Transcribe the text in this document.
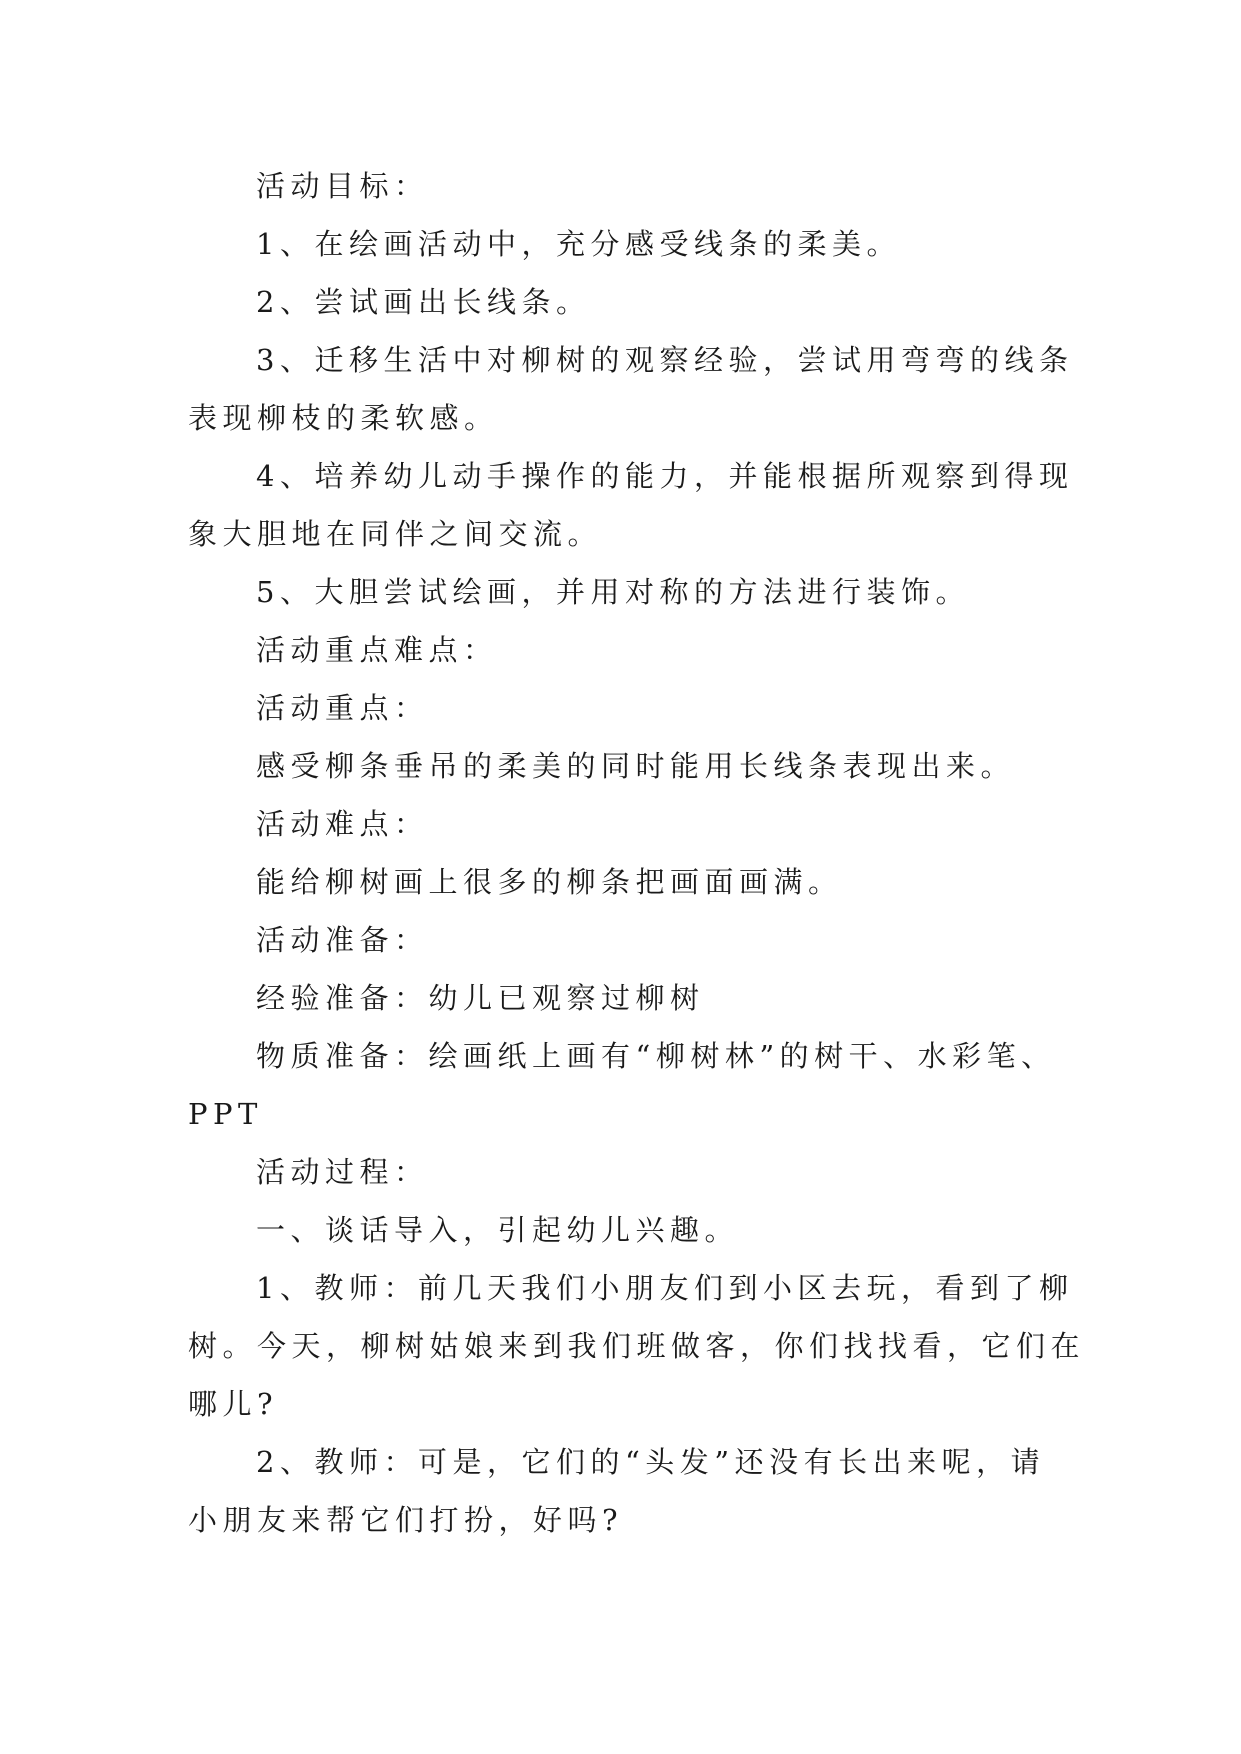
活动目标：
1、在绘画活动中，充分感受线条的柔美。
2、尝试画出长线条。
3、迁移生活中对柳树的观察经验，尝试用弯弯的线条
表现柳枝的柔软感。
4、培养幼儿动手操作的能力，并能根据所观察到得现
象大胆地在同伴之间交流。
5、大胆尝试绘画，并用对称的方法进行装饰。
活动重点难点：
活动重点：
感受柳条垂吊的柔美的同时能用长线条表现出来。
活动难点：
能给柳树画上很多的柳条把画面画满。
活动准备：
经验准备：幼儿已观察过柳树
物质准备：绘画纸上画有“柳树林”的树干、水彩笔、
PPT
活动过程：
一、谈话导入，引起幼儿兴趣。
1、教师：前几天我们小朋友们到小区去玩，看到了柳
树。今天，柳树姑娘来到我们班做客，你们找找看，它们在
哪儿?
2、教师：可是，它们的“头发”还没有长出来呢，请
小朋友来帮它们打扮，好吗?
